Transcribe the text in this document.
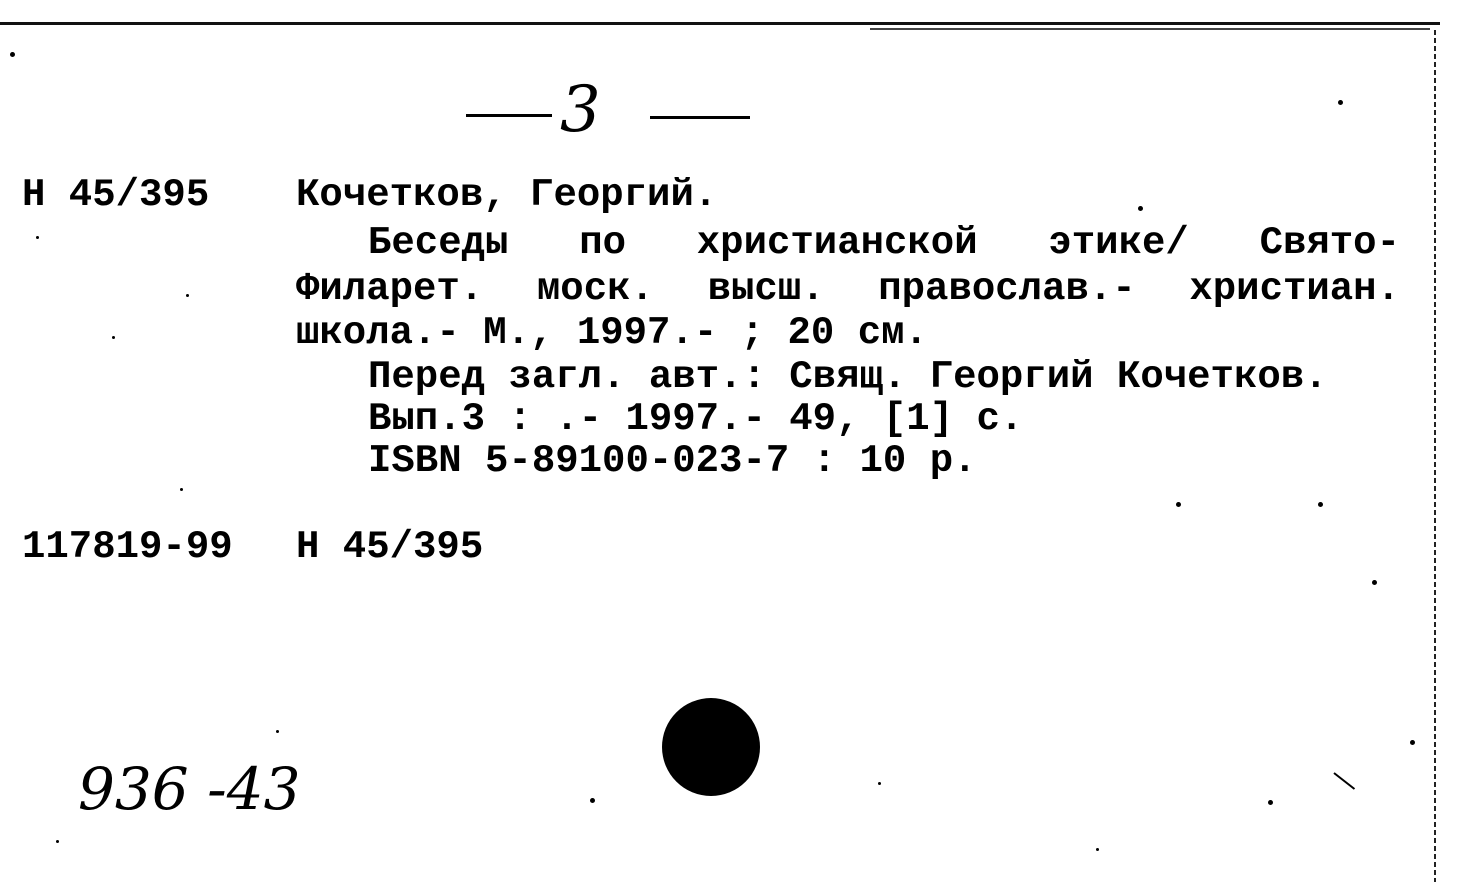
3
Н 45/395 Кочетков, Георгий.
Беседы по христианской этике/ Свято-
Филарет. моск. высш. православ.- христиан.
школа.- М., 1997.- ; 20 см.
Перед загл. авт.: Свящ. Георгий Кочетков.
Вып.3 : .- 1997.- 49, [1] с.
ISBN 5-89100-023-7 : 10 р.
117819-99 Н 45/395
936 -43
